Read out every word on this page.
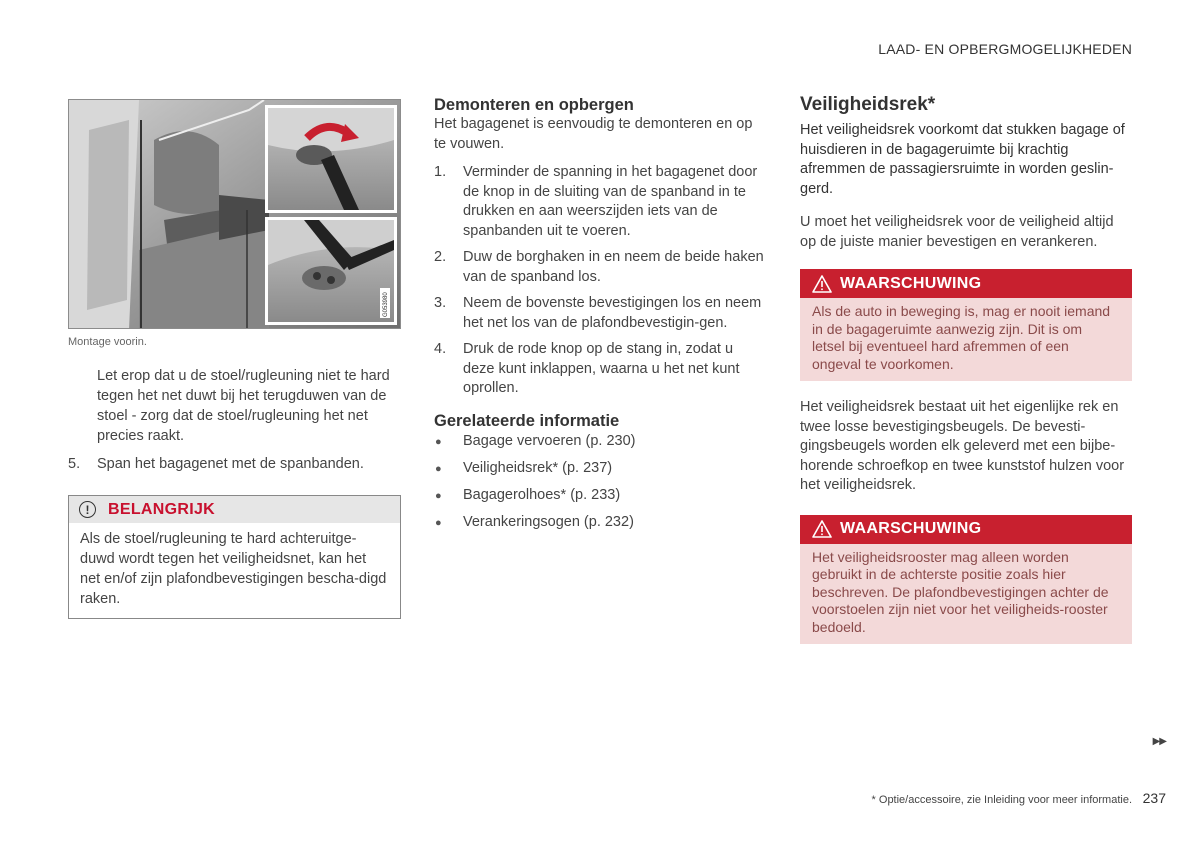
LAAD- EN OPBERGMOGELIJKHEDEN
G053980
Montage voorin.
Let erop dat u de stoel/rugleuning niet te hard tegen het net duwt bij het terugduwen van de stoel - zorg dat de stoel/rugleuning het net precies raakt.
5.	Span het bagagenet met de spanbanden.
!	BELANGRIJK
Als de stoel/rugleuning te hard achteruitge-duwd wordt tegen het veiligheidsnet, kan het net en/of zijn plafondbevestigingen bescha-digd raken.
Demonteren en opbergen
Het bagagenet is eenvoudig te demonteren en op te vouwen.
1.	Verminder de spanning in het bagagenet door de knop in de sluiting van de spanband in te drukken en aan weerszijden iets van de spanbanden uit te voeren.
2.	Duw de borghaken in en neem de beide haken van de spanband los.
3.	Neem de bovenste bevestigingen los en neem het net los van de plafondbevestigin-gen.
4.	Druk de rode knop op de stang in, zodat u deze kunt inklappen, waarna u het net kunt oprollen.
Gerelateerde informatie
●	Bagage vervoeren (p. 230)
●	Veiligheidsrek* (p. 237)
●	Bagagerolhoes* (p. 233)
●	Verankeringsogen (p. 232)
Veiligheidsrek*
Het veiligheidsrek voorkomt dat stukken bagage of huisdieren in de bagageruimte bij krachtig afremmen de passagiersruimte in worden geslin-gerd.
U moet het veiligheidsrek voor de veiligheid altijd op de juiste manier bevestigen en verankeren.
WAARSCHUWING
Als de auto in beweging is, mag er nooit iemand in de bagageruimte aanwezig zijn. Dit is om letsel bij eventueel hard afremmen of een ongeval te voorkomen.
Het veiligheidsrek bestaat uit het eigenlijke rek en twee losse bevestigingsbeugels. De bevesti-gingsbeugels worden elk geleverd met een bijbe-horende schroefkop en twee kunststof hulzen voor het veiligheidsrek.
WAARSCHUWING
Het veiligheidsrooster mag alleen worden gebruikt in de achterste positie zoals hier beschreven. De plafondbevestigingen achter de voorstoelen zijn niet voor het veiligheids-rooster bedoeld.
▶▶
* Optie/accessoire, zie Inleiding voor meer informatie. 237
